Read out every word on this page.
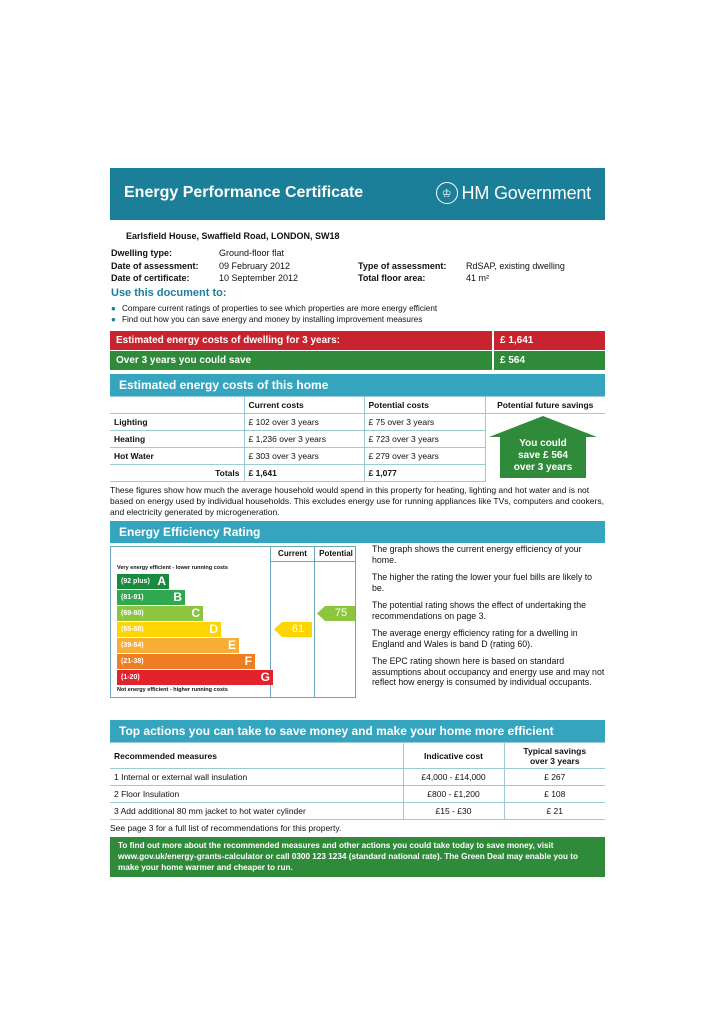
Energy Performance Certificate	♔ HM Government
Earlsfield House, Swaffield Road, LONDON, SW18
Dwelling type:	Ground-floor flat
Date of assessment: 09 February 2012
Date of certificate:	10 September 2012
Type of assessment: RdSAP, existing dwelling
Total floor area:	41 m²
Use this document to:
● Compare current ratings of properties to see which properties are more energy efficient
● Find out how you can save energy and money by installing improvement measures
Estimated energy costs of dwelling for 3 years:	£ 1,641
Over 3 years you could save	£ 564
Estimated energy costs of this home
	Current costs	Potential costs	Potential future savings
Lighting	£ 102 over 3 years	£ 75 over 3 years	
Heating	£ 1,236 over 3 years	£ 723 over 3 years	
Hot Water	£ 303 over 3 years	£ 279 over 3 years	
Totals	£ 1,641	£ 1,077	
You could
save £ 564
over 3 years
These figures show how much the average household would spend in this property for heating, lighting and hot water and is not based on energy used by individual households. This excludes energy use for running appliances like TVs, computers and cookers, and electricity generated by microgeneration.
Energy Efficiency Rating
Current	Potential
Very energy efficient - lower running costs
(92 plus) A
(81-91) B
(69-80)	C
(55-68)	D
(39-54)	E
(21-38)	F
(1-20)	G
Not energy efficient - higher running costs
61
75

The graph shows the current energy efficiency of your home.

The higher the rating the lower your fuel bills are likely to be.

The potential rating shows the effect of undertaking the recommendations on page 3.

The average energy efficiency rating for a dwelling in England and Wales is band D (rating 60).

The EPC rating shown here is based on standard assumptions about occupancy and energy use and may not reflect how energy is consumed by individual occupants.

Top actions you can take to save money and make your home more efficient
Recommended measures	Indicative cost	Typical savings
over 3 years

1 Internal or external wall insulation	£4,000 - £14,000	£ 267
2 Floor Insulation	£800 - £1,200	£ 108
3 Add additional 80 mm jacket to hot water cylinder	£15 - £30	£ 21
See page 3 for a full list of recommendations for this property.
To find out more about the recommended measures and other actions you could take today to save money, visit
www.gov.uk/energy-grants-calculator or call 0300 123 1234 (standard national rate). The Green Deal may enable you to
make your home warmer and cheaper to run.
